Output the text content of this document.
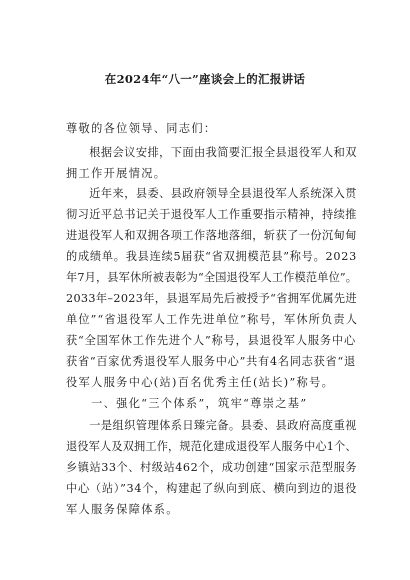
在2024年“八一”座谈会上的汇报讲话
尊敬的各位领导、同志们：
　　根据会议安排，下面由我简要汇报全县退役军人和双
拥工作开展情况。
　　近年来，县委、县政府领导全县退役军人系统深入贯
彻习近平总书记关于退役军人工作重要指示精神，持续推
进退役军人和双拥各项工作落地落细，斩获了一份沉甸甸
的成绩单。我县连续5届获“省双拥模范县”称号。2023
年7月，县军休所被表彰为“全国退役军人工作模范单位”。
2033年–2023年，县退军局先后被授予“省拥军优属先进
单位”“省退役军人工作先进单位”称号，军休所负责人
获“全国军休工作先进个人”称号，县退役军人服务中心
获省“百家优秀退役军人服务中心”共有4名同志获省“退
役军人服务中心(站)百名优秀主任(站长)”称号。
　　一、强化“三个体系”，筑牢“尊崇之基”
　　一是组织管理体系日臻完备。县委、县政府高度重视
退役军人及双拥工作，规范化建成退役军人服务中心1个、
乡镇站33个、村级站462个，成功创建“国家示范型服务
中心（站）”34个，构建起了纵向到底、横向到边的退役
军人服务保障体系。
